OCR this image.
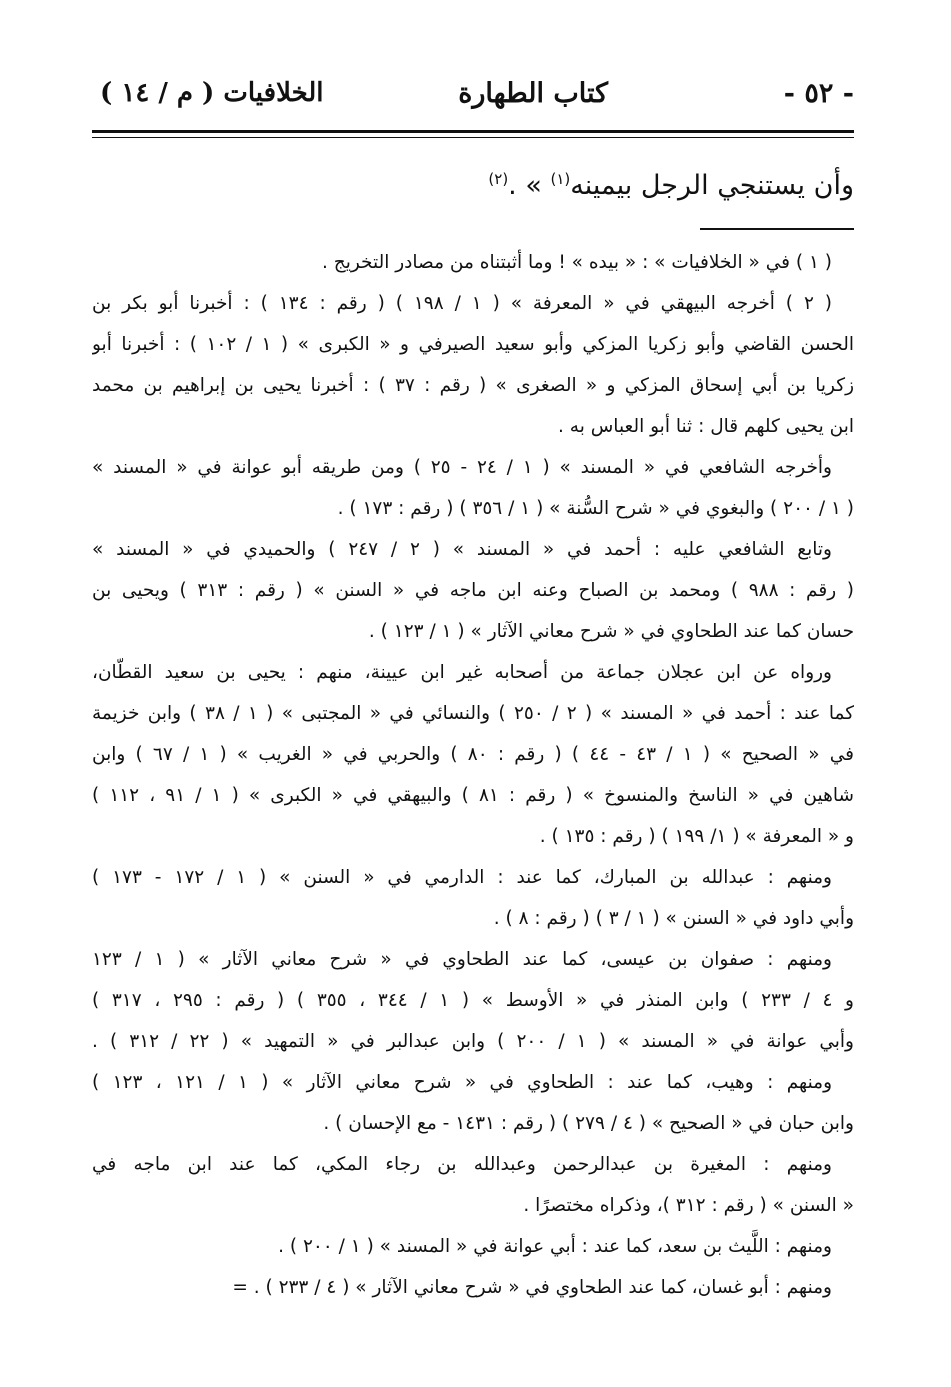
- ٥٢ -
كتاب الطهارة
الخلافيات ( م / ١٤ )
وأن يستنجي الرجل بيمينه$^{(١)}$ » .$^{(٢)}$
( ١ ) في « الخلافيات » : « بيده » ! وما أثبتناه من مصادر التخريج .
( ٢ ) أخرجه البيهقي في « المعرفة » ( ١ / ١٩٨ ) ( رقم : ١٣٤ ) : أخبرنا أبو بكر بن
الحسن القاضي وأبو زكريا المزكي وأبو سعيد الصيرفي و « الكبرى » ( ١ / ١٠٢ ) : أخبرنا أبو
زكريا بن أبي إسحاق المزكي و « الصغرى » ( رقم : ٣٧ ) : أخبرنا يحيى بن إبراهيم بن محمد
ابن يحيى كلهم قال : ثنا أبو العباس به .
وأخرجه الشافعي في « المسند » ( ١ / ٢٤ - ٢٥ ) ومن طريقه أبو عوانة في « المسند »
( ١ / ٢٠٠ ) والبغوي في « شرح السُّنة » ( ١ / ٣٥٦ ) ( رقم : ١٧٣ ) .
وتابع الشافعي عليه : أحمد في « المسند » ( ٢ / ٢٤٧ ) والحميدي في « المسند »
( رقم : ٩٨٨ ) ومحمد بن الصباح وعنه ابن ماجه في « السنن » ( رقم : ٣١٣ ) ويحيى بن
حسان كما عند الطحاوي في « شرح معاني الآثار » ( ١ / ١٢٣ ) .
ورواه عن ابن عجلان جماعة من أصحابه غير ابن عيينة، منهم : يحيى بن سعيد القطّان،
كما عند : أحمد في « المسند » ( ٢ / ٢٥٠ ) والنسائي في « المجتبى » ( ١ / ٣٨ ) وابن خزيمة
في « الصحيح » ( ١ / ٤٣ - ٤٤ ) ( رقم : ٨٠ ) والحربي في « الغريب » ( ١ / ٦٧ ) وابن
شاهين في « الناسخ والمنسوخ » ( رقم : ٨١ ) والبيهقي في « الكبرى » ( ١ / ٩١ ، ١١٢ )
و « المعرفة » ( ١/ ١٩٩ ) ( رقم : ١٣٥ ) .
ومنهم : عبدالله بن المبارك، كما عند : الدارمي في « السنن » ( ١ / ١٧٢ - ١٧٣ )
وأبي داود في « السنن » ( ١ / ٣ ) ( رقم : ٨ ) .
ومنهم : صفوان بن عيسى، كما عند الطحاوي في « شرح معاني الآثار » ( ١ / ١٢٣
و ٤ / ٢٣٣ ) وابن المنذر في « الأوسط » ( ١ / ٣٤٤ ، ٣٥٥ ) ( رقم : ٢٩٥ ، ٣١٧ )
وأبي عوانة في « المسند » ( ١ / ٢٠٠ ) وابن عبدالبر في « التمهيد » ( ٢٢ / ٣١٢ ) .
ومنهم : وهيب، كما عند : الطحاوي في « شرح معاني الآثار » ( ١ / ١٢١ ، ١٢٣ )
وابن حبان في « الصحيح » ( ٤ / ٢٧٩ ) ( رقم : ١٤٣١ - مع الإحسان ) .
ومنهم : المغيرة بن عبدالرحمن وعبدالله بن رجاء المكي، كما عند ابن ماجه في
« السنن » ( رقم : ٣١٢ )، وذكراه مختصرًا .
ومنهم : اللَّيث بن سعد، كما عند : أبي عوانة في « المسند » ( ١ / ٢٠٠ ) .
ومنهم : أبو غسان، كما عند الطحاوي في « شرح معاني الآثار » ( ٤ / ٢٣٣ ) . =
